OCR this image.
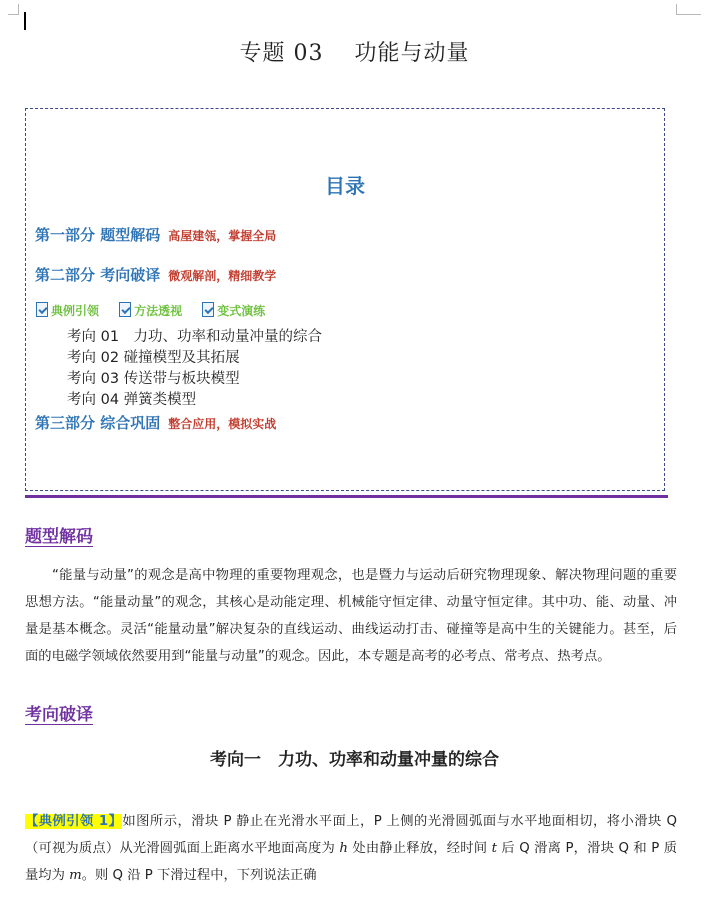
专题 03　 功能与动量
目录
第一部分 题型解码 高屋建瓴，掌握全局
第二部分 考向破译 微观解剖，精细教学
典例引领	方法透视	变式演练
考向 01　力功、功率和动量冲量的综合
考向 02 碰撞模型及其拓展
考向 03 传送带与板块模型
考向 04 弹簧类模型
第三部分 综合巩固 整合应用，模拟实战
题型解码

“能量与动量”的观念是高中物理的重要物理观念，也是暨力与运动后研究物理现象、解决物理问题的重要思想方法。“能量动量”的观念，其核心是动能定理、机械能守恒定律、动量守恒定律。其中功、能、动量、冲量是基本概念。灵活“能量动量”解决复杂的直线运动、曲线运动打击、碰撞等是高中生的关键能力。甚至，后面的电磁学领域依然要用到“能量与动量”的观念。因此，本专题是高考的必考点、常考点、热考点。

考向破译
考向一　力功、功率和动量冲量的综合
【典例引领 1】如图所示，滑块 P 静止在光滑水平面上，P 上侧的光滑圆弧面与水平地面相切，将小滑块 Q（可视为质点）从光滑圆弧面上距离水平地面高度为 h 处由静止释放，经时间 t 后 Q 滑离 P，滑块 Q 和 P 质量均为 m。则 Q 沿 P 下滑过程中，下列说法正确
